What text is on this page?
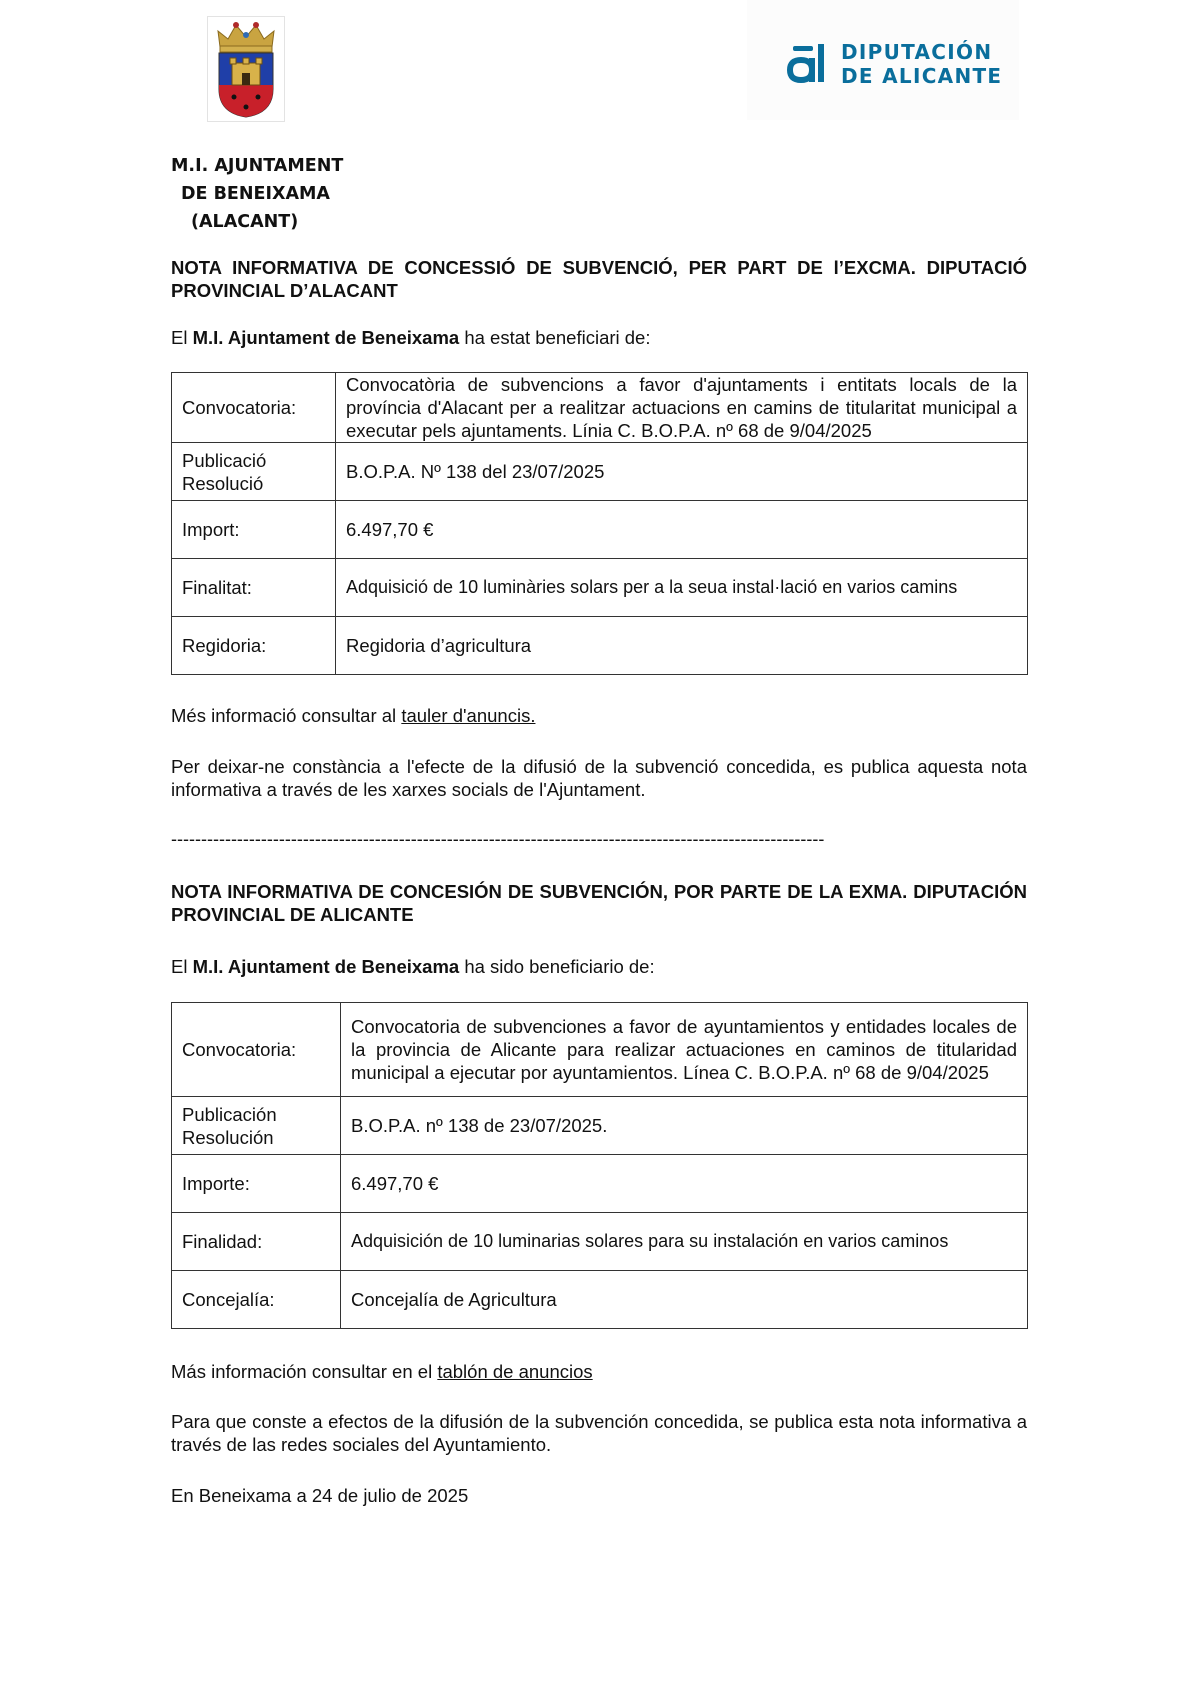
DIPUTACIÓN
DE ALICANTE
M.I. AJUNTAMENT
DE BENEIXAMA
(ALACANT)
NOTA INFORMATIVA DE CONCESSIÓ DE SUBVENCIÓ, PER PART DE l’EXCMA. DIPUTACIÓ PROVINCIAL D’ALACANT
El M.I. Ajuntament de Beneixama ha estat beneficiari de:
Convocatoria:	Convocatòria de subvencions a favor d'ajuntaments i entitats locals de la província d'Alacant per a realitzar actuacions en camins de titularitat municipal a executar pels ajuntaments. Línia C. B.O.P.A. nº 68 de 9/04/2025
Publicació Resolució	B.O.P.A. Nº 138 del 23/07/2025
Import:	6.497,70 €
Finalitat:	Adquisició de 10 luminàries solars per a la seua instal·lació en varios camins
Regidoria:	Regidoria d’agricultura
Més informació consultar al tauler d'anuncis.
Per deixar-ne constància a l'efecte de la difusió de la subvenció concedida, es publica aquesta nota informativa a través de les xarxes socials de l'Ajuntament.
-------------------------------------------------------------------------------------------------------------
NOTA INFORMATIVA DE CONCESIÓN DE SUBVENCIÓN, POR PARTE DE LA EXMA. DIPUTACIÓN PROVINCIAL DE ALICANTE
El M.I. Ajuntament de Beneixama ha sido beneficiario de:
Convocatoria:	Convocatoria de subvenciones a favor de ayuntamientos y entidades locales de la provincia de Alicante para realizar actuaciones en caminos de titularidad municipal a ejecutar por ayuntamientos. Línea C. B.O.P.A. nº 68 de 9/04/2025
Publicación Resolución	B.O.P.A. nº 138 de 23/07/2025.
Importe:	6.497,70 €
Finalidad:	Adquisición de 10 luminarias solares para su instalación en varios caminos
Concejalía:	Concejalía de Agricultura
Más información consultar en el tablón de anuncios
Para que conste a efectos de la difusión de la subvención concedida, se publica esta nota informativa a través de las redes sociales del Ayuntamiento.
En Beneixama a 24 de julio de 2025
